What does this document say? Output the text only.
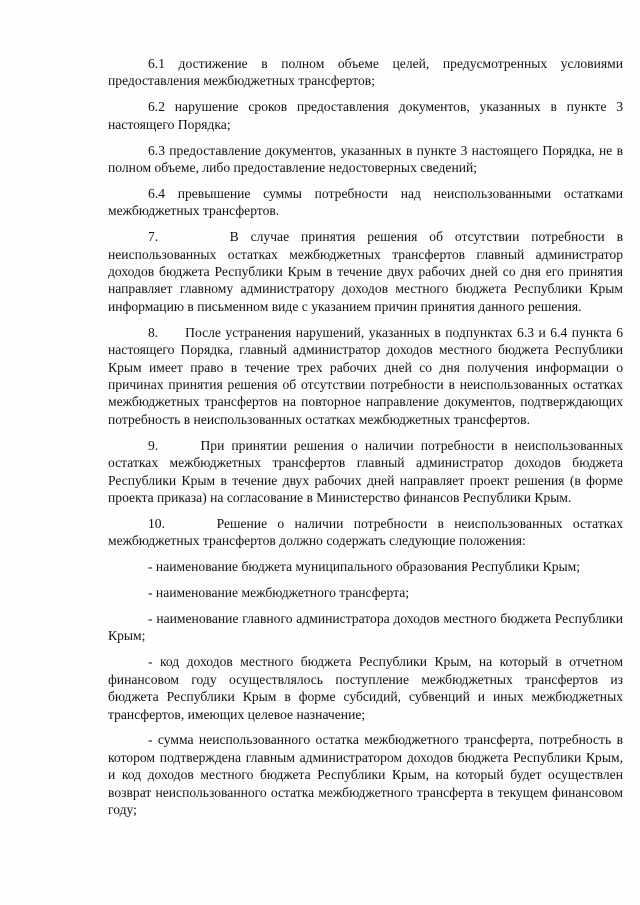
6.1 достижение в полном объеме целей, предусмотренных условиями предоставления межбюджетных трансфертов;

6.2 нарушение сроков предоставления документов, указанных в пункте 3 настоящего Порядка;

6.3 предоставление документов, указанных в пункте 3 настоящего Порядка, не в полном объеме, либо предоставление недостоверных сведений;

6.4 превышение суммы потребности над неиспользованными остатками межбюджетных трансфертов.

7.      В случае принятия решения об отсутствии потребности в неиспользованных остатках межбюджетных трансфертов главный администратор доходов бюджета Республики Крым в течение двух рабочих дней со дня его принятия направляет главному администратору доходов местного бюджета Республики Крым информацию в письменном виде с указанием причин принятия данного решения.

8.      После устранения нарушений, указанных в подпунктах 6.3 и 6.4 пункта 6 настоящего Порядка, главный администратор доходов местного бюджета Республики Крым имеет право в течение трех рабочих дней со дня получения информации о причинах принятия решения об отсутствии потребности в неиспользованных остатках межбюджетных трансфертов на повторное направление документов, подтверждающих потребность в неиспользованных остатках межбюджетных трансфертов.

9.      При принятии решения о наличии потребности в неиспользованных остатках межбюджетных трансфертов главный администратор доходов бюджета Республики Крым в течение двух рабочих дней направляет проект решения (в форме проекта приказа) на согласование в Министерство финансов Республики Крым.

10.     Решение о наличии потребности в неиспользованных остатках межбюджетных трансфертов должно содержать следующие положения:

- наименование бюджета муниципального образования Республики Крым;

- наименование межбюджетного трансферта;

- наименование главного администратора доходов местного бюджета Республики Крым;

- код доходов местного бюджета Республики Крым, на который в отчетном финансовом году осуществлялось поступление межбюджетных трансфертов из бюджета Республики Крым в форме субсидий, субвенций и иных межбюджетных трансфертов, имеющих целевое назначение;

- сумма неиспользованного остатка межбюджетного трансферта, потребность в котором подтверждена главным администратором доходов бюджета Республики Крым, и код доходов местного бюджета Республики Крым, на который будет осуществлен возврат неиспользованного остатка межбюджетного трансферта в текущем финансовом году;
